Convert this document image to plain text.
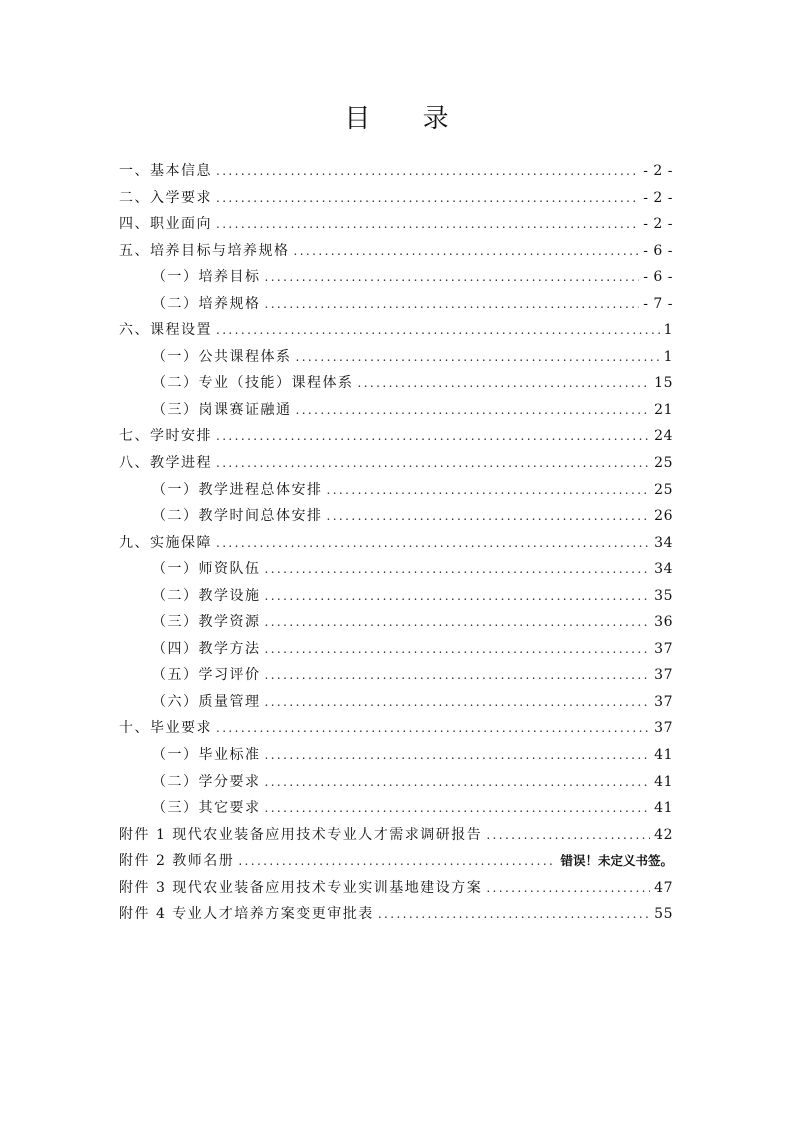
目 录
一、基本信息 .....	- 2 -
二、入学要求 .....	- 2 -
四、职业面向 .....	- 2 -
五、培养目标与培养规格 .....	- 6 -
（一）培养目标 .....	- 6 -
（二）培养规格 .....	- 7 -
六、课程设置 .....	1
（一）公共课程体系 .....	1
（二）专业（技能）课程体系 .....	15
（三）岗课赛证融通 .....	21
七、学时安排 .....	24
八、教学进程 .....	25
（一）教学进程总体安排 .....	25
（二）教学时间总体安排 .....	26
九、实施保障 .....	34
（一）师资队伍 .....	34
（二）教学设施 .....	35
（三）教学资源 .....	36
（四）教学方法 .....	37
（五）学习评价 .....	37
（六）质量管理 .....	37
十、毕业要求 .....	37
（一）毕业标准 .....	41
（二）学分要求 .....	41
（三）其它要求 .....	41
附件 1 现代农业装备应用技术专业人才需求调研报告 .....	42
附件 2 教师名册 .....	错误！未定义书签。
附件 3 现代农业装备应用技术专业实训基地建设方案 .....	47
附件 4 专业人才培养方案变更审批表 .....	55
